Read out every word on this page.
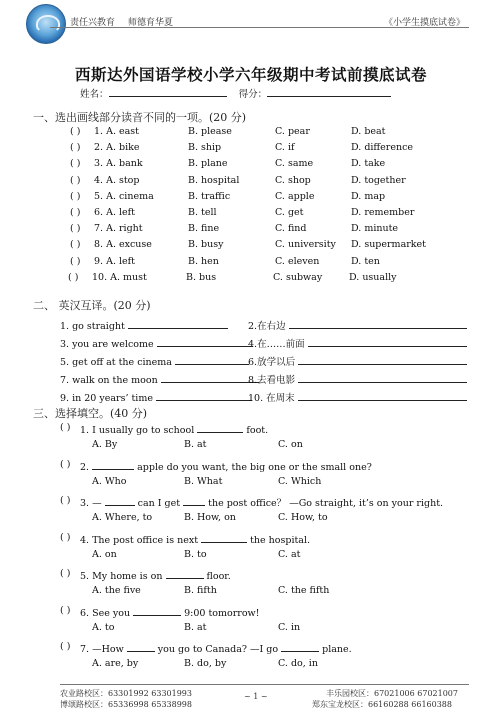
责任兴教育 师德育华夏	《小学生摸底试卷》
西斯达外国语学校小学六年级期中考试前摸底试卷
姓名：	得分：
一、选出画线部分读音不同的一项。(20 分)
( ) 1. A. east	B. please	C. pear	D. beat
( ) 2. A. bike	B. ship	C. if	D. difference
( ) 3. A. bank	B. plane	C. same	D. take
( ) 4. A. stop	B. hospital	C. shop	D. together
( ) 5. A. cinema	B. traffic	C. apple	D. map
( ) 6. A. left	B. tell	C. get	D. remember
( ) 7. A. right	B. fine	C. find	D. minute
( ) 8. A. excuse	B. busy	C. university D. supermarket
( ) 9. A. left	B. hen	C. eleven	D. ten
( ) 10. A. must	B. bus	C. subway	D. usually
二、 英汉互译。(20 分)
1. go straight	2.在右边
3. you are welcome	4.在……前面
5. get off at the cinema	6.放学以后
7. walk on the moon	8.去看电影
9. in 20 years’ time	10. 在周末
三、选择填空。(40 分)
( ) 1. I usually go to school	foot.
A. By	B. at	C. on
( ) 2.	apple do you want, the big one or the small one?
A. Who	B. What	C. Which
( ) 3. —	can I get	the post office？ —Go straight, it’s on your right.
A. Where, to	B. How, on	C. How, to
( ) 4. The post office is next	the hospital.
A. on	B. to	C. at
( ) 5. My home is on	floor.
A. the five	B. fifth	C. the fifth
( ) 6. See you	9:00 tomorrow!
A. to	B. at	C. in
( ) 7. —How	you go to Canada? —I go	plane.
A. are, by	B. do, by	C. do, in
农业路校区：63301992 63301993
博颂路校区：65336998 65338998
~ 1 ~	丰乐园校区：67021006 67021007
郑东宝龙校区：66160288 66160388
